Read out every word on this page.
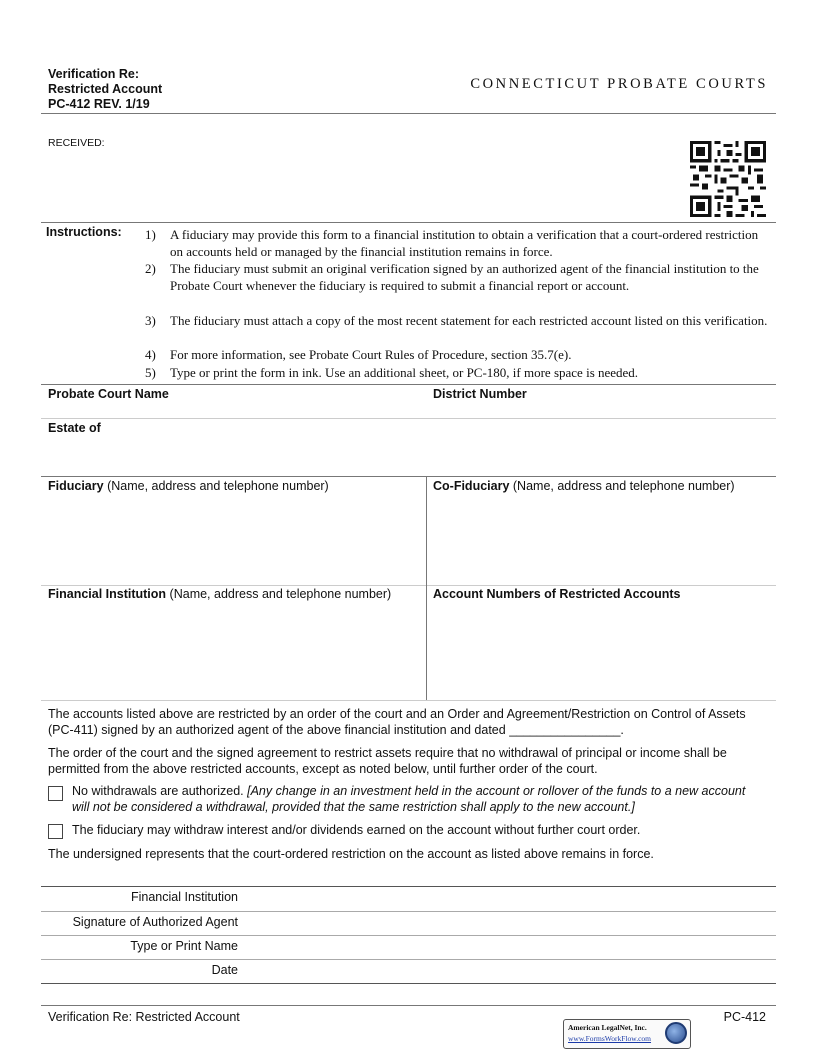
Verification Re:
Restricted Account
PC-412 REV. 1/19
CONNECTICUT PROBATE COURTS
RECEIVED:
Instructions: 1)	A fiduciary may provide this form to a financial institution to obtain a verification that a court-ordered restriction on accounts held or managed by the financial institution remains in force.
2)	The fiduciary must submit an original verification signed by an authorized agent of the financial institution to the Probate Court whenever the fiduciary is required to submit a financial report or account.
3)	The fiduciary must attach a copy of the most recent statement for each restricted account listed on this verification.
4)	For more information, see Probate Court Rules of Procedure, section 35.7(e).
5)	Type or print the form in ink. Use an additional sheet, or PC-180, if more space is needed.
Probate Court Name	District Number
Estate of
Fiduciary (Name, address and telephone number)	Co-Fiduciary (Name, address and telephone number)
Financial Institution (Name, address and telephone number)	Account Numbers of Restricted Accounts
The accounts listed above are restricted by an order of the court and an Order and Agreement/Restriction on Control of Assets (PC-411) signed by an authorized agent of the above financial institution and dated ________________.
The order of the court and the signed agreement to restrict assets require that no withdrawal of principal or income shall be permitted from the above restricted accounts, except as noted below, until further order of the court.
No withdrawals are authorized. [Any change in an investment held in the account or rollover of the funds to a new account will not be considered a withdrawal, provided that the same restriction shall apply to the new account.]
The fiduciary may withdraw interest and/or dividends earned on the account without further court order.
The undersigned represents that the court-ordered restriction on the account as listed above remains in force.
Financial Institution
Signature of Authorized Agent
Type or Print Name
Date
Verification Re: Restricted Account	PC-412
American LegalNet, Inc.
www.FormsWorkFlow.com
